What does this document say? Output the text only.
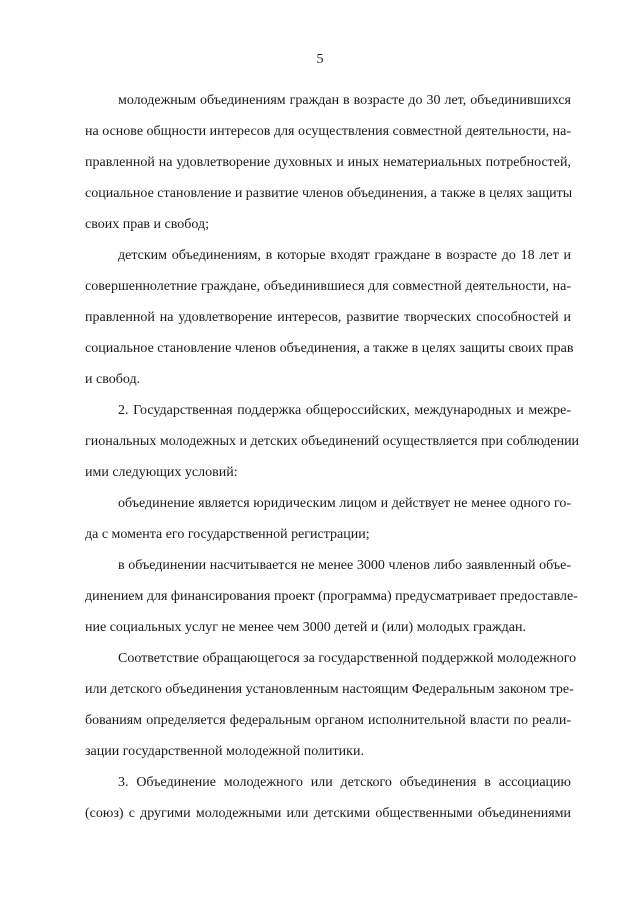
5
молодежным объединениям граждан в возрасте до 30 лет, объединившихся
на основе общности интересов для осуществления совместной деятельности, на-
правленной на удовлетворение духовных и иных нематериальных потребностей,
социальное становление и развитие членов объединения, а также в целях защиты
своих прав и свобод;
детским объединениям, в которые входят граждане в возрасте до 18 лет и
совершеннолетние граждане, объединившиеся для совместной деятельности, на-
правленной на удовлетворение интересов, развитие творческих способностей и
социальное становление членов объединения, а также в целях защиты своих прав
и свобод.
2. Государственная поддержка общероссийских, международных и межре-
гиональных молодежных и детских объединений осуществляется при соблюдении
ими следующих условий:
объединение является юридическим лицом и действует не менее одного го-
да с момента его государственной регистрации;
в объединении насчитывается не менее 3000 членов либо заявленный объе-
динением для финансирования проект (программа) предусматривает предоставле-
ние социальных услуг не менее чем 3000 детей и (или) молодых граждан.
Соответствие обращающегося за государственной поддержкой молодежного
или детского объединения установленным настоящим Федеральным законом тре-
бованиям определяется федеральным органом исполнительной власти по реали-
зации государственной молодежной политики.
3. Объединение молодежного или детского объединения в ассоциацию
(союз) с другими молодежными или детскими общественными объединениями
